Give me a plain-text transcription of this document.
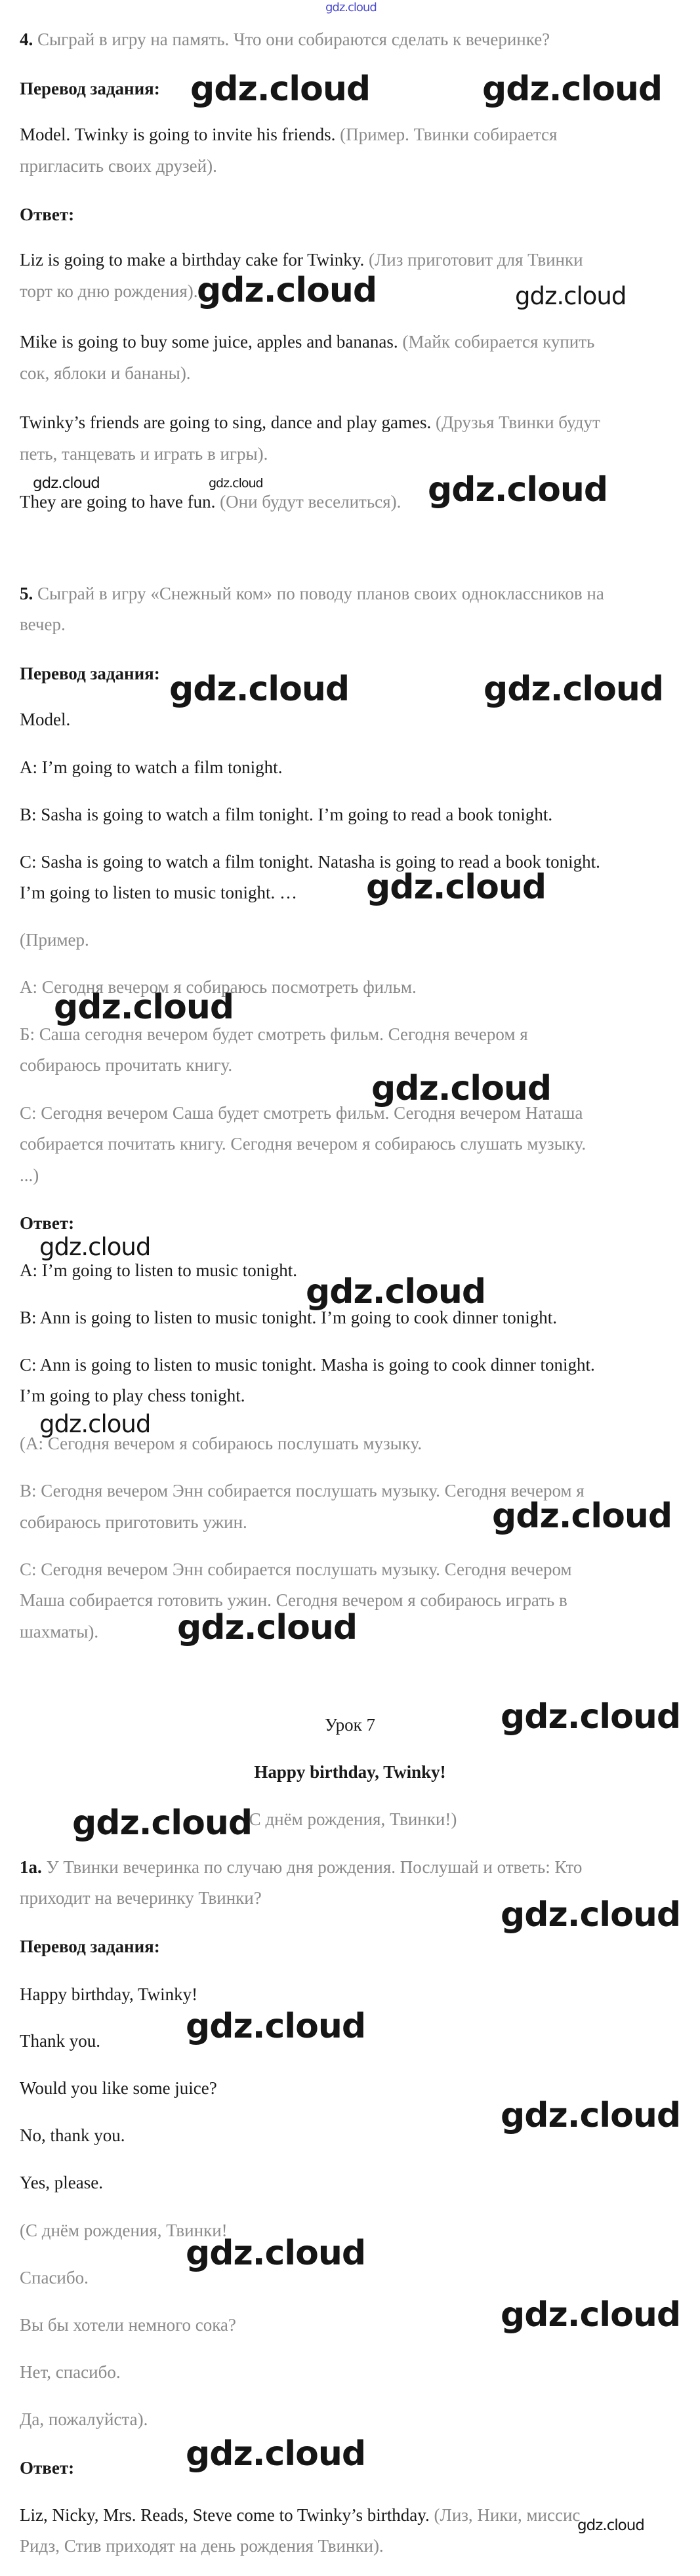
gdz.cloud
4. Сыграй в игру на память. Что они собираются сделать к вечеринке?
Перевод задания:
Model. Twinky is going to invite his friends. (Пример. Твинки собирается
пригласить своих друзей).
Ответ:
Liz is going to make a birthday cake for Twinky. (Лиз приготовит для Твинки
торт ко дню рождения).
Mike is going to buy some juice, apples and bananas. (Майк собирается купить
сок, яблоки и бананы).
Twinky’s friends are going to sing, dance and play games. (Друзья Твинки будут
петь, танцевать и играть в игры).
They are going to have fun. (Они будут веселиться).
5. Сыграй в игру «Снежный ком» по поводу планов своих одноклассников на
вечер.
Перевод задания:
Model.
A: I’m going to watch a film tonight.
B: Sasha is going to watch a film tonight. I’m going to read a book tonight.
C: Sasha is going to watch a film tonight. Natasha is going to read a book tonight.
I’m going to listen to music tonight. …
(Пример.
А: Сегодня вечером я собираюсь посмотреть фильм.
Б: Саша сегодня вечером будет смотреть фильм. Сегодня вечером я
собираюсь прочитать книгу.
С: Сегодня вечером Саша будет смотреть фильм. Сегодня вечером Наташа
собирается почитать книгу. Сегодня вечером я собираюсь слушать музыку.
...)
Ответ:
A: I’m going to listen to music tonight.
B: Ann is going to listen to music tonight. I’m going to cook dinner tonight.
C: Ann is going to listen to music tonight. Masha is going to cook dinner tonight.
I’m going to play chess tonight.
(А: Сегодня вечером я собираюсь послушать музыку.
В: Сегодня вечером Энн собирается послушать музыку. Сегодня вечером я
собираюсь приготовить ужин.
С: Сегодня вечером Энн собирается послушать музыку. Сегодня вечером
Маша собирается готовить ужин. Сегодня вечером я собираюсь играть в
шахматы).
Урок 7
Happy birthday, Twinky!
(С днём рождения, Твинки!)
1a. У Твинки вечеринка по случаю дня рождения. Послушай и ответь: Кто
приходит на вечеринку Твинки?
Перевод задания:
Happy birthday, Twinky!
Thank you.
Would you like some juice?
No, thank you.
Yes, please.
(С днём рождения, Твинки!
Спасибо.
Вы бы хотели немного сока?
Нет, спасибо.
Да, пожалуйста).
Ответ:
Liz, Nicky, Mrs. Reads, Steve come to Twinky’s birthday. (Лиз, Ники, миссис
Ридз, Стив приходят на день рождения Твинки).
gdz.cloud	gdz.cloud
gdz.cloud	gdz.cloud
gdz.cloud	gdz.cloud	gdz.cloud
gdz.cloud	gdz.cloud
gdz.cloud
gdz.cloud
gdz.cloud
gdz.cloud
gdz.cloud
gdz.cloud
gdz.cloud
gdz.cloud
gdz.cloud
gdz.cloud
gdz.cloud
gdz.cloud
gdz.cloud
gdz.cloud
gdz.cloud
gdz.cloud
gdz.cloud
